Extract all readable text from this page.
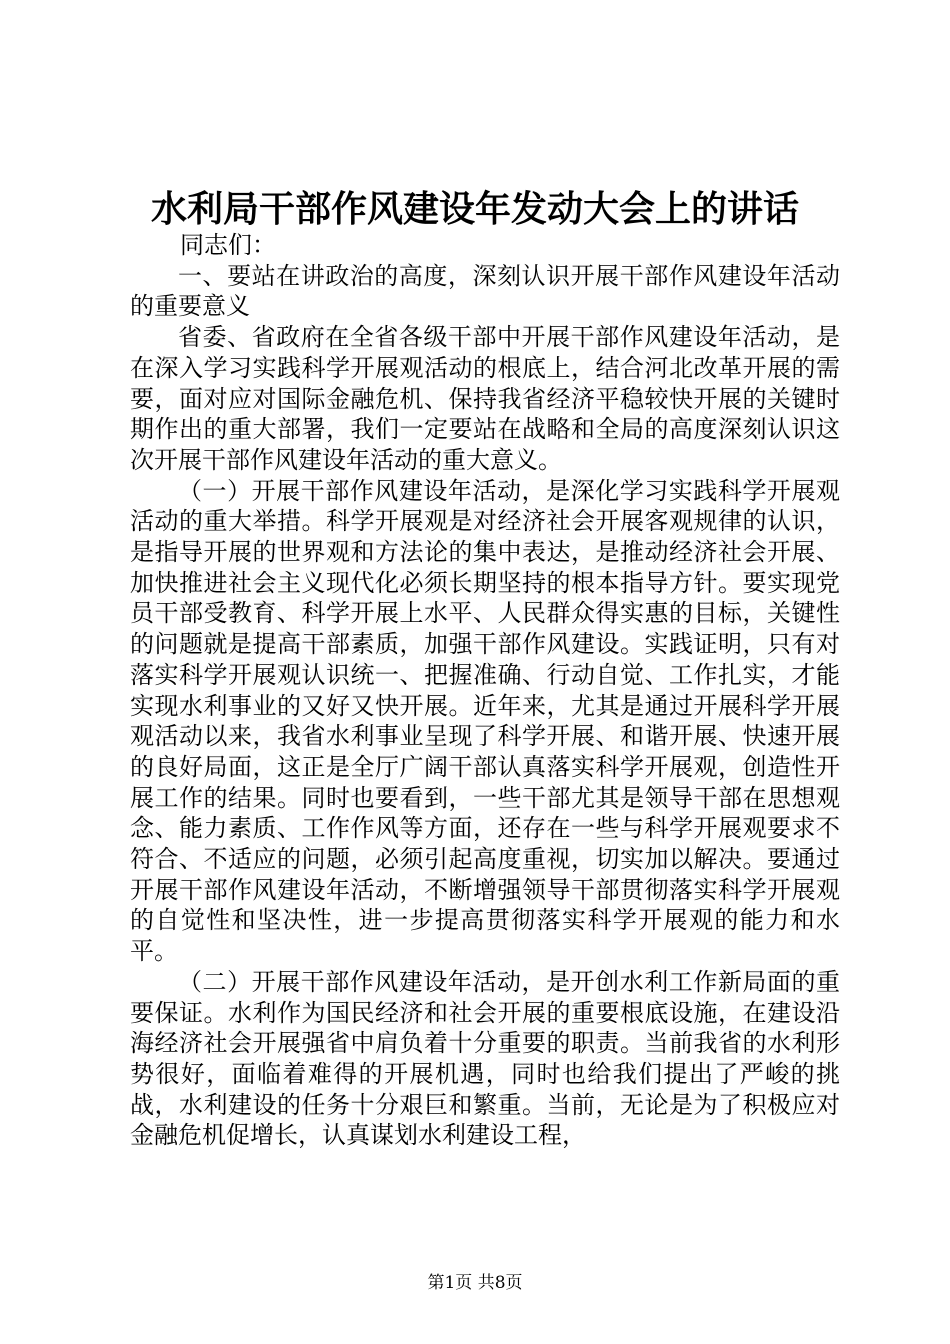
水利局干部作风建设年发动大会上的讲话

同志们：

一、要站在讲政治的高度，深刻认识开展干部作风建设年活动的重要意义

省委、省政府在全省各级干部中开展干部作风建设年活动，是在深入学习实践科学开展观活动的根底上，结合河北改革开展的需要，面对应对国际金融危机、保持我省经济平稳较快开展的关键时期作出的重大部署，我们一定要站在战略和全局的高度深刻认识这次开展干部作风建设年活动的重大意义。

（一）开展干部作风建设年活动，是深化学习实践科学开展观活动的重大举措。科学开展观是对经济社会开展客观规律的认识，是指导开展的世界观和方法论的集中表达，是推动经济社会开展、加快推进社会主义现代化必须长期坚持的根本指导方针。要实现党员干部受教育、科学开展上水平、人民群众得实惠的目标，关键性的问题就是提高干部素质，加强干部作风建设。实践证明，只有对落实科学开展观认识统一、把握准确、行动自觉、工作扎实，才能实现水利事业的又好又快开展。近年来，尤其是通过开展科学开展观活动以来，我省水利事业呈现了科学开展、和谐开展、快速开展的良好局面，这正是全厅广阔干部认真落实科学开展观，创造性开展工作的结果。同时也要看到，一些干部尤其是领导干部在思想观念、能力素质、工作作风等方面，还存在一些与科学开展观要求不符合、不适应的问题，必须引起高度重视，切实加以解决。要通过开展干部作风建设年活动，不断增强领导干部贯彻落实科学开展观的自觉性和坚决性，进一步提高贯彻落实科学开展观的能力和水平。

（二）开展干部作风建设年活动，是开创水利工作新局面的重要保证。水利作为国民经济和社会开展的重要根底设施，在建设沿海经济社会开展强省中肩负着十分重要的职责。当前我省的水利形势很好，面临着难得的开展机遇，同时也给我们提出了严峻的挑战，水利建设的任务十分艰巨和繁重。当前，无论是为了积极应对金融危机促增长，认真谋划水利建设工程，

第1页 共8页
